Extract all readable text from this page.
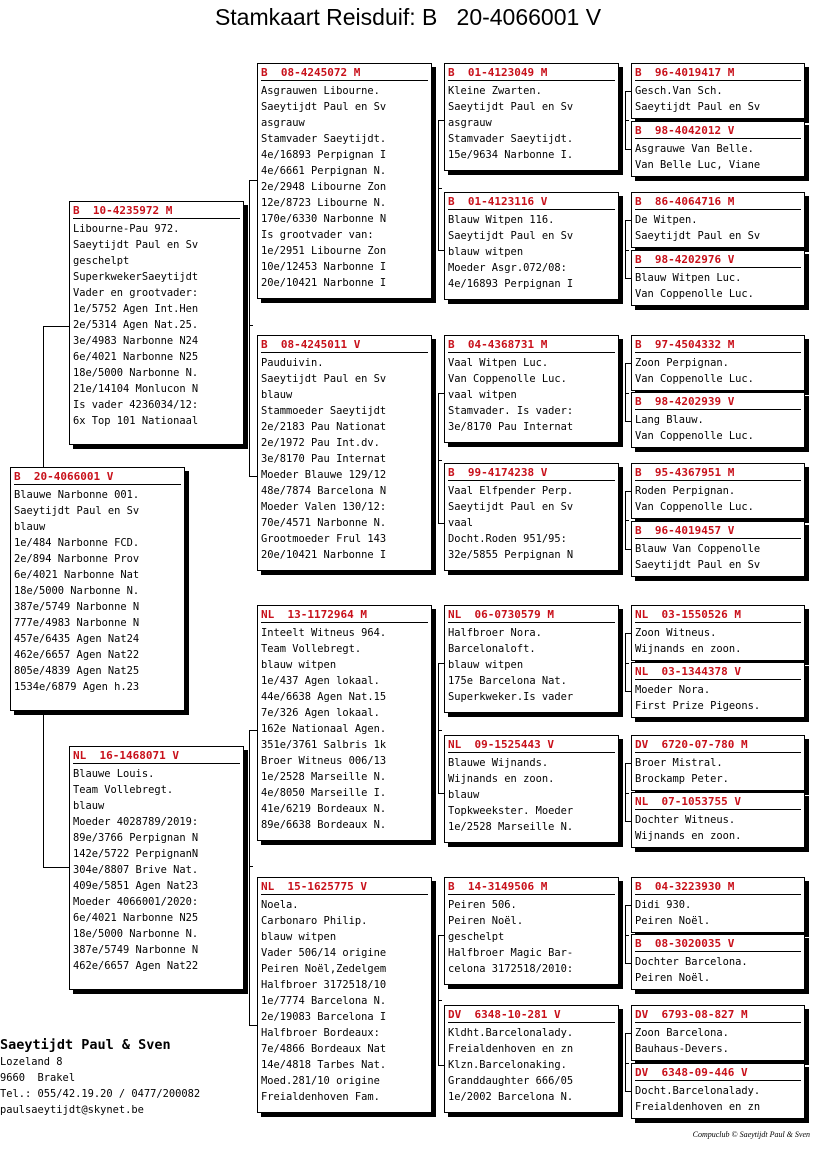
Stamkaart Reisduif: B   20-4066001 V
B  20-4066001 V
Blauwe Narbonne 001.
Saeytijdt Paul en Sv
blauw
1e/484 Narbonne FCD.
2e/894 Narbonne Prov
6e/4021 Narbonne Nat
18e/5000 Narbonne N.
387e/5749 Narbonne N
777e/4983 Narbonne N
457e/6435 Agen Nat24
462e/6657 Agen Nat22
805e/4839 Agen Nat25
1534e/6879 Agen h.23
B  10-4235972 M
Libourne-Pau 972.
Saeytijdt Paul en Sv
geschelpt
SuperkwekerSaeytijdt
Vader en grootvader:
1e/5752 Agen Int.Hen
2e/5314 Agen Nat.25.
3e/4983 Narbonne N24
6e/4021 Narbonne N25
18e/5000 Narbonne N.
21e/14104 Monlucon N
Is vader 4236034/12:
6x Top 101 Nationaal
NL  16-1468071 V
Blauwe Louis.
Team Vollebregt.
blauw
Moeder 4028789/2019:
89e/3766 Perpignan N
142e/5722 PerpignanN
304e/8807 Brive Nat.
409e/5851 Agen Nat23
Moeder 4066001/2020:
6e/4021 Narbonne N25
18e/5000 Narbonne N.
387e/5749 Narbonne N
462e/6657 Agen Nat22
B  08-4245072 M
Asgrauwen Libourne.
Saeytijdt Paul en Sv
asgrauw
Stamvader Saeytijdt.
4e/16893 Perpignan I
4e/6661 Perpignan N.
2e/2948 Libourne Zon
12e/8723 Libourne N.
170e/6330 Narbonne N
Is grootvader van:
1e/2951 Libourne Zon
10e/12453 Narbonne I
20e/10421 Narbonne I
B  08-4245011 V
Pauduivin.
Saeytijdt Paul en Sv
blauw
Stammoeder Saeytijdt
2e/2183 Pau Nationat
2e/1972 Pau Int.dv.
3e/8170 Pau Internat
Moeder Blauwe 129/12
48e/7874 Barcelona N
Moeder Valen 130/12:
70e/4571 Narbonne N.
Grootmoeder Frul 143
20e/10421 Narbonne I
NL  13-1172964 M
Inteelt Witneus 964.
Team Vollebregt.
blauw witpen
1e/437 Agen lokaal.
44e/6638 Agen Nat.15
7e/326 Agen lokaal.
162e Nationaal Agen.
351e/3761 Salbris 1k
Broer Witneus 006/13
1e/2528 Marseille N.
4e/8050 Marseille I.
41e/6219 Bordeaux N.
89e/6638 Bordeaux N.
NL  15-1625775 V
Noela.
Carbonaro Philip.
blauw witpen
Vader 506/14 origine
Peiren Noël,Zedelgem
Halfbroer 3172518/10
1e/7774 Barcelona N.
2e/19083 Barcelona I
Halfbroer Bordeaux:
7e/4866 Bordeaux Nat
14e/4818 Tarbes Nat.
Moed.281/10 origine
Freialdenhoven Fam.
B  01-4123049 M
Kleine Zwarten.
Saeytijdt Paul en Sv
asgrauw
Stamvader Saeytijdt.
15e/9634 Narbonne I.
B  01-4123116 V
Blauw Witpen 116.
Saeytijdt Paul en Sv
blauw witpen
Moeder Asgr.072/08:
4e/16893 Perpignan I
B  04-4368731 M
Vaal Witpen Luc.
Van Coppenolle Luc.
vaal witpen
Stamvader. Is vader:
3e/8170 Pau Internat
B  99-4174238 V
Vaal Elfpender Perp.
Saeytijdt Paul en Sv
vaal
Docht.Roden 951/95:
32e/5855 Perpignan N
NL  06-0730579 M
Halfbroer Nora.
Barcelonaloft.
blauw witpen
175e Barcelona Nat.
Superkweker.Is vader
NL  09-1525443 V
Blauwe Wijnands.
Wijnands en zoon.
blauw
Topkweekster. Moeder
1e/2528 Marseille N.
B  14-3149506 M
Peiren 506.
Peiren Noël.
geschelpt
Halfbroer Magic Bar-
celona 3172518/2010:
DV  6348-10-281 V
Kldht.Barcelonalady.
Freialdenhoven en zn
Klzn.Barcelonaking.
Granddaughter 666/05
1e/2002 Barcelona N.
B  96-4019417 M
Gesch.Van Sch.
Saeytijdt Paul en Sv
B  98-4042012 V
Asgrauwe Van Belle.
Van Belle Luc, Viane
B  86-4064716 M
De Witpen.
Saeytijdt Paul en Sv
B  98-4202976 V
Blauw Witpen Luc.
Van Coppenolle Luc.
B  97-4504332 M
Zoon Perpignan.
Van Coppenolle Luc.
B  98-4202939 V
Lang Blauw.
Van Coppenolle Luc.
B  95-4367951 M
Roden Perpignan.
Van Coppenolle Luc.
B  96-4019457 V
Blauw Van Coppenolle
Saeytijdt Paul en Sv
NL  03-1550526 M
Zoon Witneus.
Wijnands en zoon.
NL  03-1344378 V
Moeder Nora.
First Prize Pigeons.
DV  6720-07-780 M
Broer Mistral.
Brockamp Peter.
NL  07-1053755 V
Dochter Witneus.
Wijnands en zoon.
B  04-3223930 M
Didi 930.
Peiren Noël.
B  08-3020035 V
Dochter Barcelona.
Peiren Noël.
DV  6793-08-827 M
Zoon Barcelona.
Bauhaus-Devers.
DV  6348-09-446 V
Docht.Barcelonalady.
Freialdenhoven en zn
Saeytijdt Paul & Sven
Lozeland 8
9660  Brakel
Tel.: 055/42.19.20 / 0477/200082
paulsaeytijdt@skynet.be
Compuclub © Saeytijdt Paul & Sven
